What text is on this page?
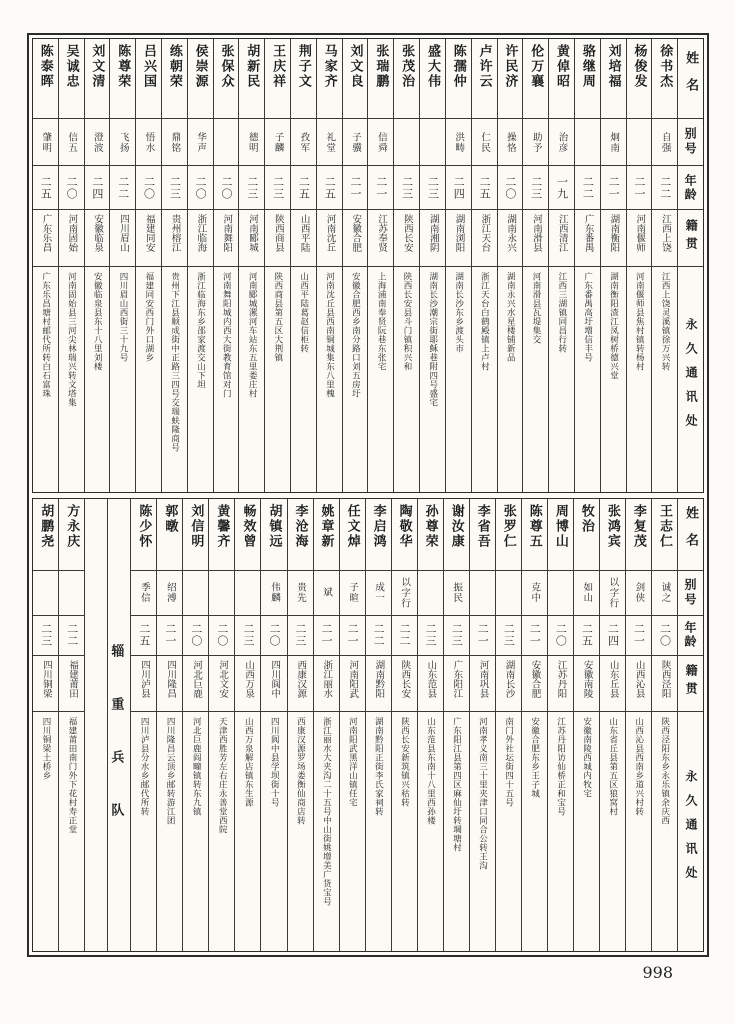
姓名
别号
年龄
籍贯
永久通讯处
徐书杰
自强
二二
江西上饶
江西上饶灵溪镇徐万兴转
杨俊发
二一
河南偃师
河南偃师县焦村镇转杨村
刘培福
炯南
二一
湖南衡阳
湖南衡阳渣江凤树桥德兴堂
骆继周
二二
广东番禺
广东番禺高圩增信丰号
黄倬昭
治彦
一九
江西清江
江西三湖镇同昌行转
伦万襄
助予
二三
河南滑县
河南滑县瓦堤集交
许民济
操恪
二〇
湖南永兴
湖南永兴水星楼铺新品
卢许云
仁民
二五
浙江天台
浙江天台白鹤殿镇上卢村
陈孺仲
洪畴
二四
湖南浏阳
湖南长沙东乡渡头市
盛大伟
二三
湖南湘阴
湖南长沙潮宗街耶稣巷附四号盛宅
张茂治
二三
陕西长安
陕西长安县斗门镇积兴和
张瑞鹏
信舜
二一
江苏奉贤
上海浦南奉贤阮巷东张宅
刘文良
子骥
二一
安徽合肥
安徽合肥西乡南分路口刘五房圩
马家齐
礼堂
二五
河南沈丘
河南沈丘县西南铜城集东八里槐
荆子文
孜军
二五
山西平陆
山西平陆葛赵信柜转
王庆祥
子麟
二三
陕西商县
陕西商县第五区大荆镇
胡新民
德明
二三
河南郾城
河南郾城漯河车站东五里娄庄村
张保众
二〇
河南舞阳
河南舞阳城内西大街教育馆对门
侯崇源
华声
二〇
浙江临海
浙江临海东乡邵家渡交山下坦
练朝荣
鼎铭
二三
贵州榕江
贵州下江县顺成街中正路三四号交瑞蚨隆商号
吕兴国
悟水
二〇
福建同安
福建同安西门外口湖乡
陈尊荣
飞扬
二二
四川眉山
四川眉山西街三十九号
刘文清
澄波
二四
安徽临泉
安徽临泉县东十八里刘楼
吴诚忠
信五
二〇
河南固始
河南固始县三河尖林瑞兴转文塔集
陈泰晖
肇明
二五
广东乐昌
广东乐昌塘村邮代所转白石富珠
姓名
别号
年龄
籍贯
永久通讯处
王志仁
诚之
二〇
陕西泾阳
陕西泾阳东乡永乐镇余庆西
李复茂
剑侠
二一
山西沁县
山西沁县西南乡道兴村转
张鸿宾
以字行
二四
山东丘县
山东省丘县第五区狼窝村
牧治
如山
二五
安徽南陵
安徽南陵西城内牧宅
周博山
二〇
江苏丹阳
江苏丹阳访仙桥正和宝号
陈尊五
克中
二一
安徽合肥
安徽合肥东乡王子城
张罗仁
二三
湖南长沙
南门外社坛街四十五号
李省吾
二一
河南巩县
河南孝义南三十里夹津口同合公转王沟
谢汝康
振民
二三
广东阳江
广东阳江县第四区麻仙圩转堈塘村
孙尊荣
二三
山东范县
山东范县东南十八里西孙楼
陶敬华
以字行
二二
陕西长安
陕西长安新筑镇兴秙转
李启鸿
成一
二二
湖南黔阳
湖南黔阳正街李氏家祠转
任文焯
子暄
二一
河南阳武
河南阳武黑洋山镇任宅
姚章新
斌
二一
浙江丽水
浙江丽水大夹沟二十五号中山街姚增美广货宝号
李沧海
贵先
二三
西康汉源
西康汉源罗场娄衡仙商店转
胡镇远
伟麟
二〇
四川阆中
四川阆中县学坝街十号
畅效曾
二三
山西万泉
山西万泉解店镇东生源
黄馨齐
二〇
河北文安
天津西胜芳左右庄永善堂西院
刘信明
二〇
河北巨鹿
河北巨鹿阎疃镇转东九镇
郭暾
绍溥
二一
四川隆昌
四川隆昌云顶乡邮转游江团
陈少怀
季信
二五
四川泸县
四川泸县分水乡邮代所转
辎重兵队
方永庆
二二
福建莆田
福建莆田南门外下花村寿正堂
胡鹏尧
二三
四川铜梁
四川铜梁土桥乡
998
